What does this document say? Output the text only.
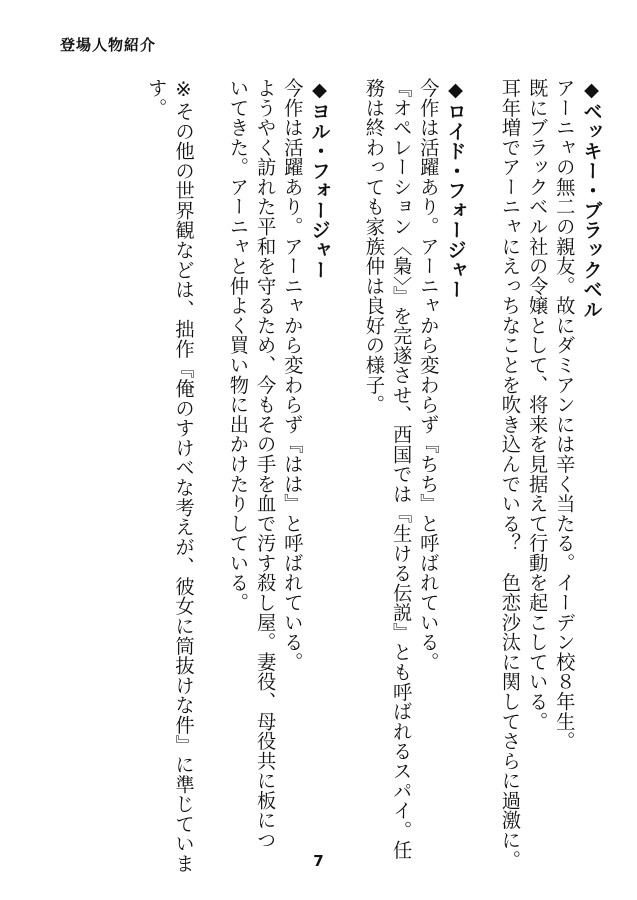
登場人物紹介
◆ベッキー・ブラックベル
アーニャの無二の親友。故にダミアンには辛く当たる。イーデン校８年生。
既にブラックベル社の令嬢として、将来を見据えて行動を起こしている。
耳年増でアーニャにえっちなことを吹き込んでいる？　色恋沙汰に関してさらに過激に。
◆ロイド・フォージャー
今作は活躍あり。アーニャから変わらず『ちち』と呼ばれている。
『オペレーション〈梟〉』を完遂させ、西国では『生ける伝説』とも呼ばれるスパイ。任
務は終わっても家族仲は良好の様子。
◆ヨル・フォージャー
今作は活躍あり。アーニャから変わらず『はは』と呼ばれている。
ようやく訪れた平和を守るため、今もその手を血で汚す殺し屋。妻役、母役共に板につ
いてきた。アーニャと仲よく買い物に出かけたりしている。
※その他の世界観などは、拙作『俺のすけベな考えが、彼女に筒抜けな件』に準じていま
す。
7
